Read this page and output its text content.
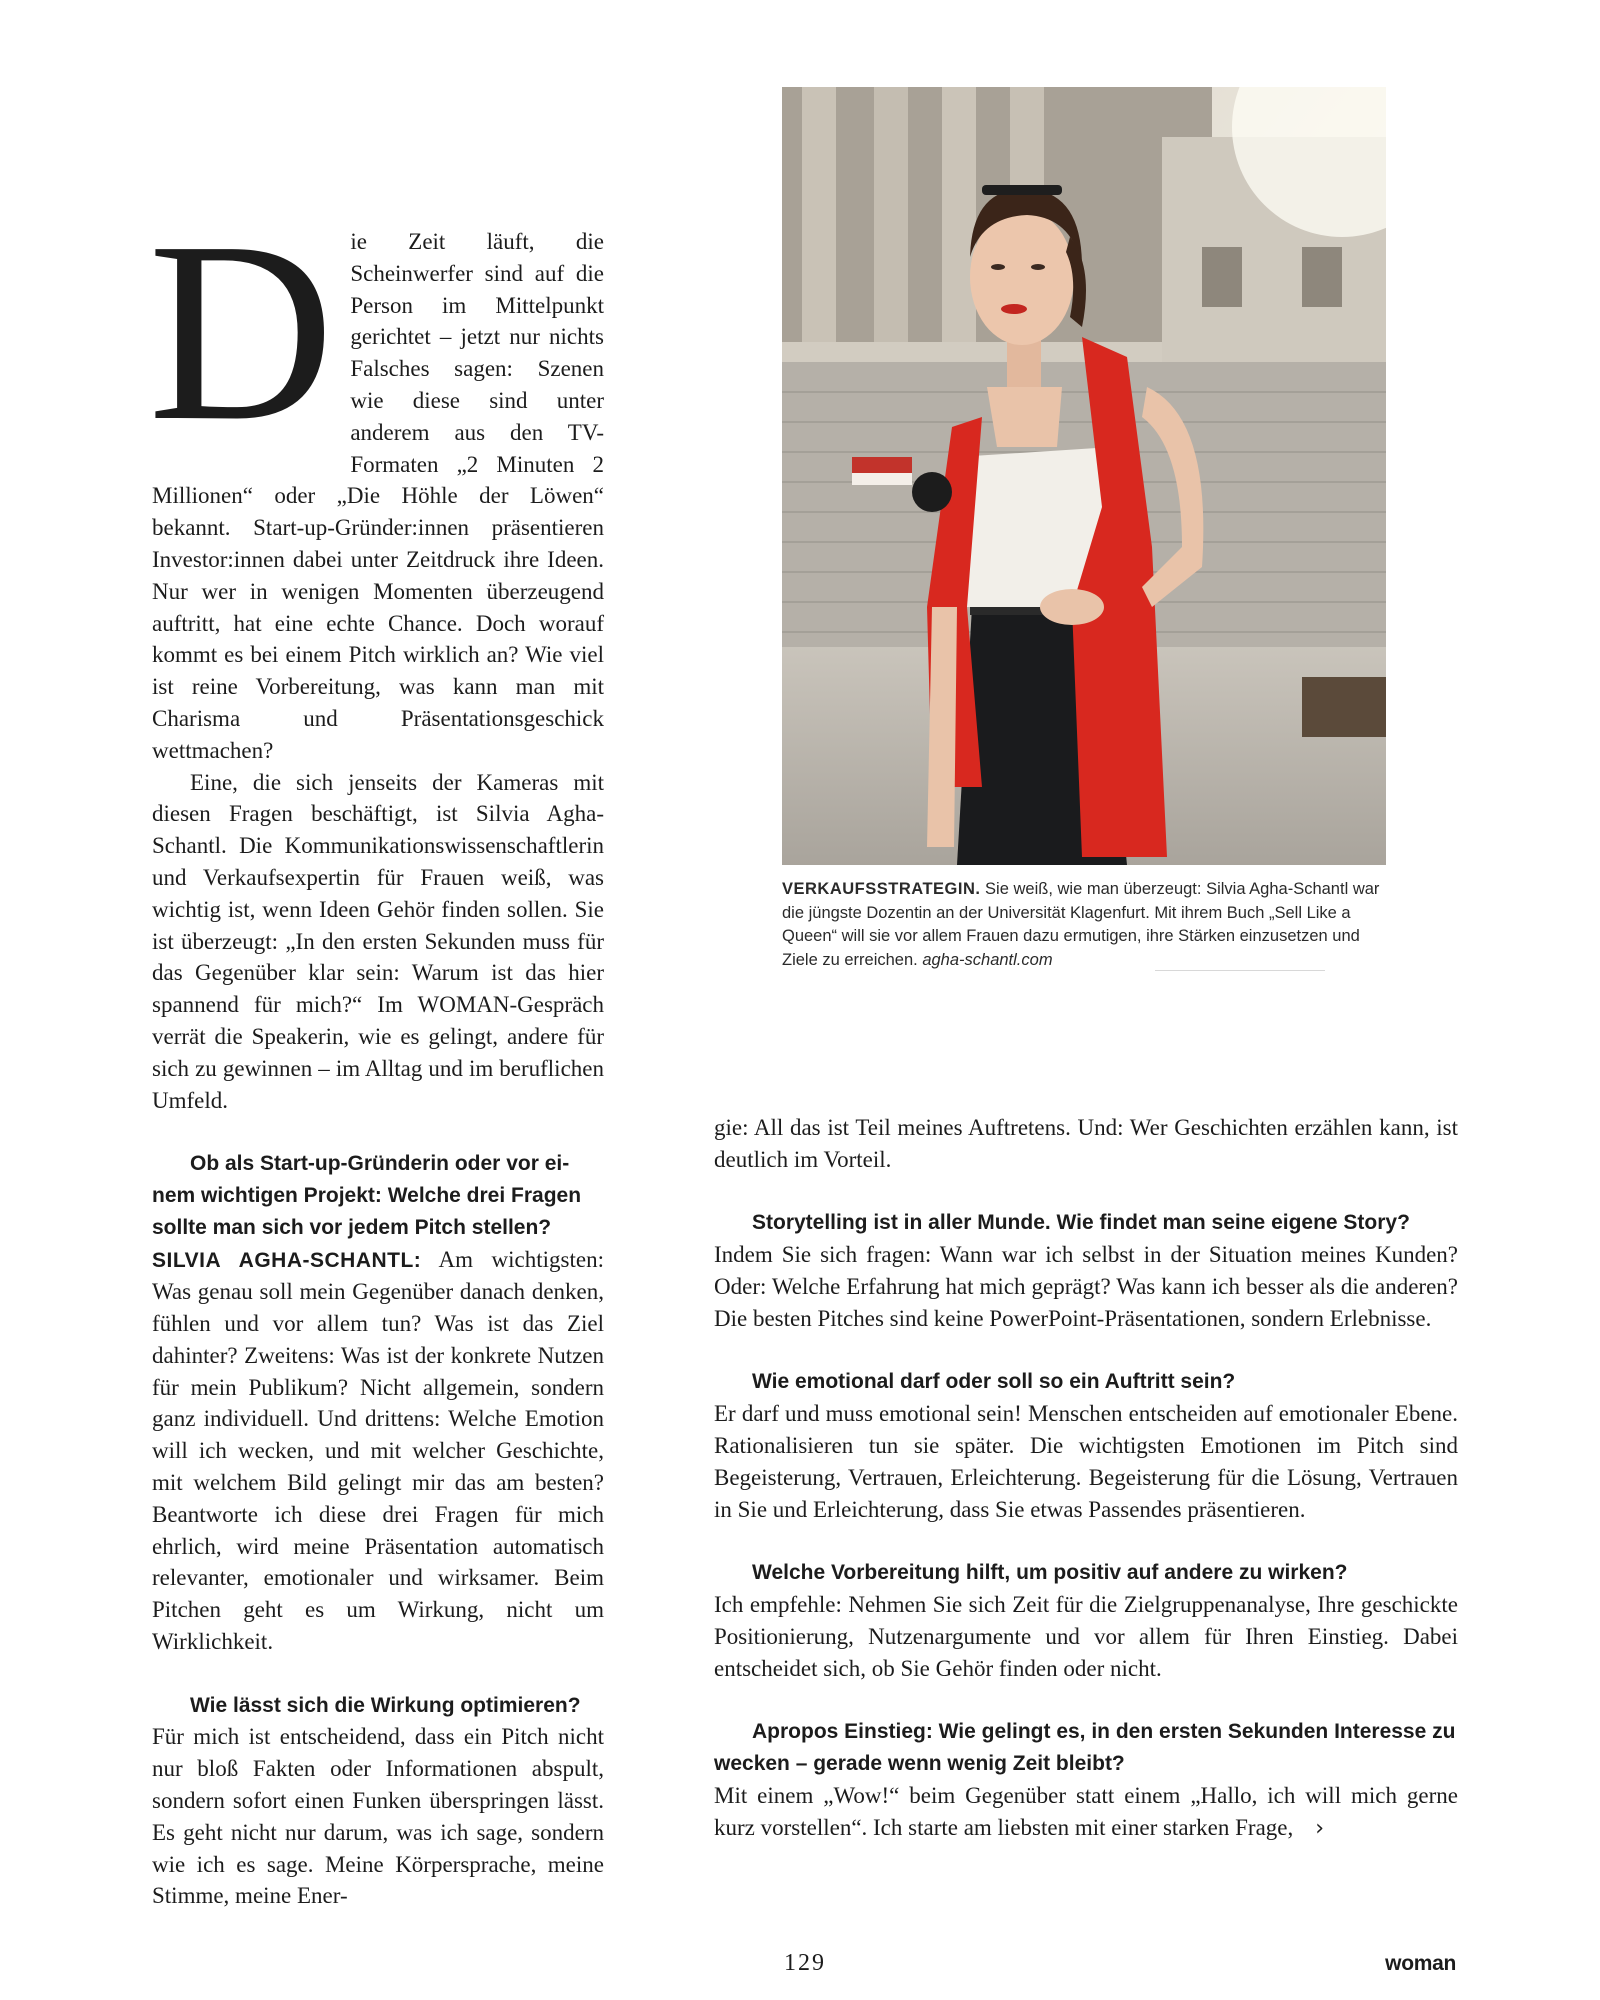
Die Zeit läuft, die Scheinwerfer sind auf die Person im Mittelpunkt gerichtet – jetzt nur nichts Falsches sagen: Szenen wie diese sind unter anderem aus den TV-Formaten „2 Minuten 2 Millionen“ oder „Die Höhle der Löwen“ bekannt. Start-up-Gründer:innen präsentieren Investor:innen dabei unter Zeitdruck ihre Ideen. Nur wer in wenigen Momenten überzeugend auftritt, hat eine echte Chance. Doch worauf kommt es bei einem Pitch wirklich an? Wie viel ist reine Vorbereitung, was kann man mit Charisma und Präsentationsgeschick wettmachen?

Eine, die sich jenseits der Kameras mit diesen Fragen beschäftigt, ist Silvia Agha-Schantl. Die Kommunikationswissenschaftlerin und Verkaufsexpertin für Frauen weiß, was wichtig ist, wenn Ideen Gehör finden sollen. Sie ist überzeugt: „In den ersten Sekunden muss für das Gegenüber klar sein: Warum ist das hier spannend für mich?“ Im WOMAN-Gespräch verrät die Speakerin, wie es gelingt, andere für sich zu gewinnen – im Alltag und im beruflichen Umfeld.

Ob als Start-up-Gründerin oder vor einem wichtigen Projekt: Welche drei Fragen sollte man sich vor jedem Pitch stellen?

SILVIA AGHA-SCHANTL: Am wichtigsten: Was genau soll mein Gegenüber danach denken, fühlen und vor allem tun? Was ist das Ziel dahinter? Zweitens: Was ist der konkrete Nutzen für mein Publikum? Nicht allgemein, sondern ganz individuell. Und drittens: Welche Emotion will ich wecken, und mit welcher Geschichte, mit welchem Bild gelingt mir das am besten? Beantworte ich diese drei Fragen für mich ehrlich, wird meine Präsentation automatisch relevanter, emotionaler und wirksamer. Beim Pitchen geht es um Wirkung, nicht um Wirklichkeit.

Wie lässt sich die Wirkung optimieren?

Für mich ist entscheidend, dass ein Pitch nicht nur bloß Fakten oder Informationen abspult, sondern sofort einen Funken überspringen lässt. Es geht nicht nur darum, was ich sage, sondern wie ich es sage. Meine Körpersprache, meine Stimme, meine Ener-

VERKAUFSSTRATEGIN. Sie weiß, wie man überzeugt: Silvia Agha-Schantl war die jüngste Dozentin an der Universität Klagenfurt. Mit ihrem Buch „Sell Like a Queen“ will sie vor allem Frauen dazu ermutigen, ihre Stärken einzusetzen und Ziele zu erreichen. agha-schantl.com

gie: All das ist Teil meines Auftretens. Und: Wer Geschichten erzählen kann, ist deutlich im Vorteil.

Storytelling ist in aller Munde. Wie findet man seine eigene Story?

Indem Sie sich fragen: Wann war ich selbst in der Situation meines Kunden? Oder: Welche Erfahrung hat mich geprägt? Was kann ich besser als die anderen? Die besten Pitches sind keine PowerPoint-Präsentationen, sondern Erlebnisse.

Wie emotional darf oder soll so ein Auftritt sein?

Er darf und muss emotional sein! Menschen entscheiden auf emotionaler Ebene. Rationalisieren tun sie später. Die wichtigsten Emotionen im Pitch sind Begeisterung, Vertrauen, Erleichterung. Begeisterung für die Lösung, Vertrauen in Sie und Erleichterung, dass Sie etwas Passendes präsentieren.

Welche Vorbereitung hilft, um positiv auf andere zu wirken?

Ich empfehle: Nehmen Sie sich Zeit für die Zielgruppenanalyse, Ihre geschickte Positionierung, Nutzenargumente und vor allem für Ihren Einstieg. Dabei entscheidet sich, ob Sie Gehör finden oder nicht.

Apropos Einstieg: Wie gelingt es, in den ersten Sekunden Interesse zu wecken – gerade wenn wenig Zeit bleibt?

Mit einem „Wow!“ beim Gegenüber statt einem „Hallo, ich will mich gerne kurz vorstellen“. Ich starte am liebsten mit einer starken Frage, ›

129	woman
